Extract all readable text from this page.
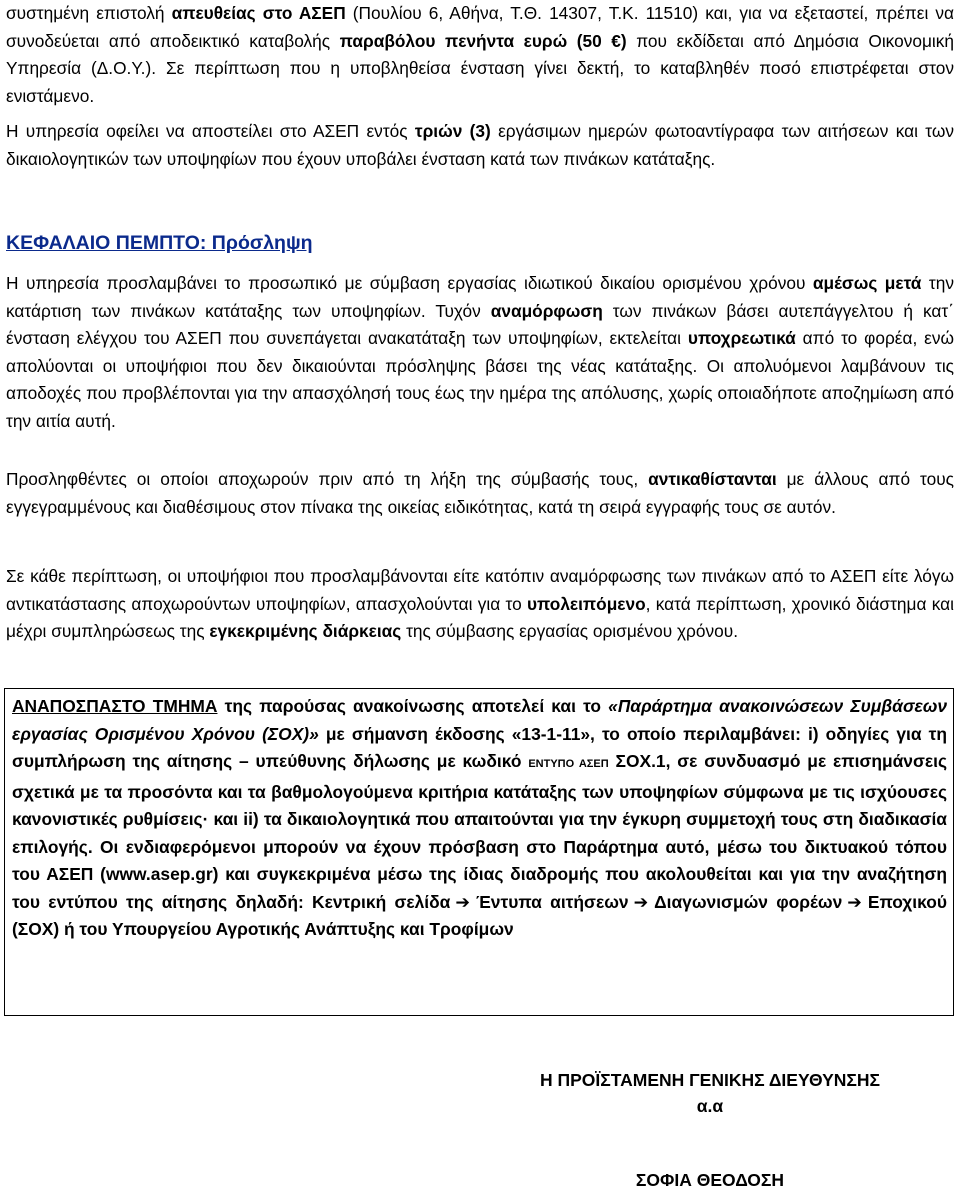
συστημένη επιστολή απευθείας στο ΑΣΕΠ (Πουλίου 6, Αθήνα, Τ.Θ. 14307, Τ.Κ. 11510) και, για να εξεταστεί, πρέπει να συνοδεύεται από αποδεικτικό καταβολής παραβόλου πενήντα ευρώ (50 €) που εκδίδεται από Δημόσια Οικονομική Υπηρεσία (Δ.Ο.Υ.). Σε περίπτωση που η υποβληθείσα ένσταση γίνει δεκτή, το καταβληθέν ποσό επιστρέφεται στον ενιστάμενο.

Η υπηρεσία οφείλει να αποστείλει στο ΑΣΕΠ εντός τριών (3) εργάσιμων ημερών φωτοαντίγραφα των αιτήσεων και των δικαιολογητικών των υποψηφίων που έχουν υποβάλει ένσταση κατά των πινάκων κατάταξης.

ΚΕΦΑΛΑΙΟ ΠΕΜΠΤΟ: Πρόσληψη

Η υπηρεσία προσλαμβάνει το προσωπικό με σύμβαση εργασίας ιδιωτικού δικαίου ορισμένου χρόνου αμέσως μετά την κατάρτιση των πινάκων κατάταξης των υποψηφίων. Τυχόν αναμόρφωση των πινάκων βάσει αυτεπάγγελτου ή κατ΄ ένσταση ελέγχου του ΑΣΕΠ που συνεπάγεται ανακατάταξη των υποψηφίων, εκτελείται υποχρεωτικά από το φορέα, ενώ απολύονται οι υποψήφιοι που δεν δικαιούνται πρόσληψης βάσει της νέας κατάταξης. Οι απολυόμενοι λαμβάνουν τις αποδοχές που προβλέπονται για την απασχόλησή τους έως την ημέρα της απόλυσης, χωρίς οποιαδήποτε αποζημίωση από την αιτία αυτή.

Προσληφθέντες οι οποίοι αποχωρούν πριν από τη λήξη της σύμβασής τους, αντικαθίστανται με άλλους από τους εγγεγραμμένους και διαθέσιμους στον πίνακα της οικείας ειδικότητας, κατά τη σειρά εγγραφής τους σε αυτόν.

Σε κάθε περίπτωση, οι υποψήφιοι που προσλαμβάνονται είτε κατόπιν αναμόρφωσης των πινάκων από το ΑΣΕΠ είτε λόγω αντικατάστασης αποχωρούντων υποψηφίων, απασχολούνται για το υπολειπόμενο, κατά περίπτωση, χρονικό διάστημα και μέχρι συμπληρώσεως της εγκεκριμένης διάρκειας της σύμβασης εργασίας ορισμένου χρόνου.

ΑΝΑΠΟΣΠΑΣΤΟ ΤΜΗΜΑ της παρούσας ανακοίνωσης αποτελεί και το «Παράρτημα ανακοινώσεων Συμβάσεων εργασίας Ορισμένου Χρόνου (ΣΟΧ)» με σήμανση έκδοσης «13-1-11», το οποίο περιλαμβάνει: i) οδηγίες για τη συμπλήρωση της αίτησης – υπεύθυνης δήλωσης με κωδικό ΕΝΤΥΠΟ ΑΣΕΠ ΣΟΧ.1, σε συνδυασμό με επισημάνσεις σχετικά με τα προσόντα και τα βαθμολογούμενα κριτήρια κατάταξης των υποψηφίων σύμφωνα με τις ισχύουσες κανονιστικές ρυθμίσεις· και ii) τα δικαιολογητικά που απαιτούνται για την έγκυρη συμμετοχή τους στη διαδικασία επιλογής. Οι ενδιαφερόμενοι μπορούν να έχουν πρόσβαση στο Παράρτημα αυτό, μέσω του δικτυακού τόπου του ΑΣΕΠ (www.asep.gr) και συγκεκριμένα μέσω της ίδιας διαδρομής που ακολουθείται και για την αναζήτηση του εντύπου της αίτησης δηλαδή: Κεντρική σελίδα ➔ Έντυπα αιτήσεων ➔ Διαγωνισμών φορέων ➔ Εποχικού (ΣΟΧ) ή του Υπουργείου Αγροτικής Ανάπτυξης και Τροφίμων
Η ΠΡΟΪΣΤΑΜΕΝΗ ΓΕΝΙΚΗΣ ΔΙΕΥΘΥΝΣΗΣ
α.α
ΣΟΦΙΑ ΘΕΟΔΟΣΗ
